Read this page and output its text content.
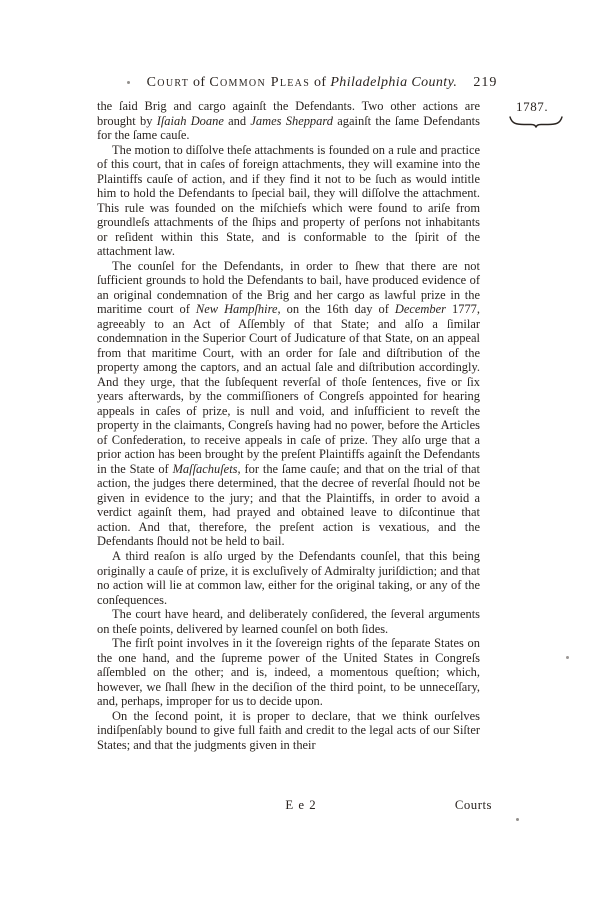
Court of Common Pleas of Philadelphia County. 219
1787.

the ſaid Brig and cargo againſt the Defendants. Two other actions are brought by Iſaiah Doane and James Sheppard againſt the ſame Defendants for the ſame cauſe.

The motion to diſſolve theſe attachments is founded on a rule and practice of this court, that in caſes of foreign attachments, they will examine into the Plaintiffs cauſe of action, and if they find it not to be ſuch as would intitle him to hold the Defendants to ſpecial bail, they will diſſolve the attachment. This rule was founded on the miſchiefs which were found to ariſe from groundleſs attachments of the ſhips and property of perſons not inhabitants or reſident within this State, and is conformable to the ſpirit of the attachment law.

The counſel for the Defendants, in order to ſhew that there are not ſufficient grounds to hold the Defendants to bail, have produced evidence of an original condemnation of the Brig and her cargo as lawful prize in the maritime court of New Hampſhire, on the 16th day of December 1777, agreeably to an Act of Aſſembly of that State; and alſo a ſimilar condemnation in the Superior Court of Judicature of that State, on an appeal from that maritime Court, with an order for ſale and diſtribution of the property among the captors, and an actual ſale and diſtribution accordingly. And they urge, that the ſubſequent reverſal of thoſe ſentences, five or ſix years afterwards, by the commiſſioners of Congreſs appointed for hearing appeals in caſes of prize, is null and void, and inſufficient to reveſt the property in the claimants, Congreſs having had no power, before the Articles of Confederation, to receive appeals in caſe of prize. They alſo urge that a prior action has been brought by the preſent Plaintiffs againſt the Defendants in the State of Maſſachuſets, for the ſame cauſe; and that on the trial of that action, the judges there determined, that the decree of reverſal ſhould not be given in evidence to the jury; and that the Plaintiffs, in order to avoid a verdict againſt them, had prayed and obtained leave to diſcontinue that action. And that, therefore, the preſent action is vexatious, and the Defendants ſhould not be held to bail.

A third reaſon is alſo urged by the Defendants counſel, that this being originally a cauſe of prize, it is excluſively of Admiralty juriſdiction; and that no action will lie at common law, either for the original taking, or any of the conſequences.

The court have heard, and deliberately conſidered, the ſeveral arguments on theſe points, delivered by learned counſel on both ſides.

The firſt point involves in it the ſovereign rights of the ſeparate States on the one hand, and the ſupreme power of the United States in Congreſs aſſembled on the other; and is, indeed, a momentous queſtion; which, however, we ſhall ſhew in the deciſion of the third point, to be unneceſſary, and, perhaps, improper for us to decide upon.

On the ſecond point, it is proper to declare, that we think ourſelves indiſpenſably bound to give full faith and credit to the legal acts of our Siſter States; and that the judgments given in their

E e 2	Courts
